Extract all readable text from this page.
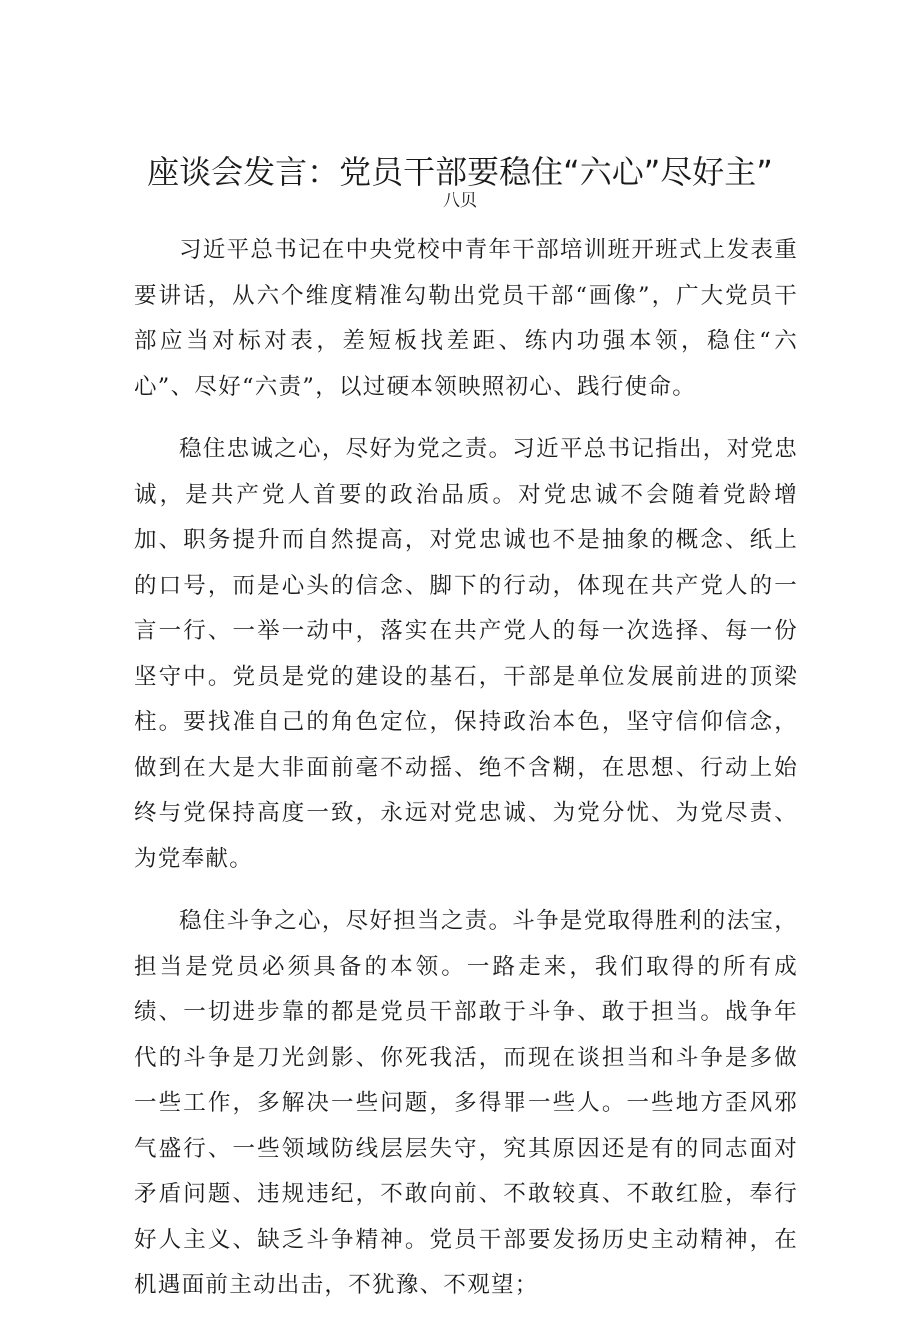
座谈会发言：党员干部要稳住“六心”尽好主”
八贝

习近平总书记在中央党校中青年干部培训班开班式上发表重要讲话，从六个维度精准勾勒出党员干部“画像”，广大党员干部应当对标对表，差短板找差距、练内功强本领，稳住“六心”、尽好“六责”，以过硬本领映照初心、践行使命。

稳住忠诚之心，尽好为党之责。习近平总书记指出，对党忠诚，是共产党人首要的政治品质。对党忠诚不会随着党龄增加、职务提升而自然提高，对党忠诚也不是抽象的概念、纸上的口号，而是心头的信念、脚下的行动，体现在共产党人的一言一行、一举一动中，落实在共产党人的每一次选择、每一份坚守中。党员是党的建设的基石，干部是单位发展前进的顶梁柱。要找准自己的角色定位，保持政治本色，坚守信仰信念，做到在大是大非面前毫不动摇、绝不含糊，在思想、行动上始终与党保持高度一致，永远对党忠诚、为党分忧、为党尽责、为党奉献。

稳住斗争之心，尽好担当之责。斗争是党取得胜利的法宝，担当是党员必须具备的本领。一路走来，我们取得的所有成绩、一切进步靠的都是党员干部敢于斗争、敢于担当。战争年代的斗争是刀光剑影、你死我活，而现在谈担当和斗争是多做一些工作，多解决一些问题，多得罪一些人。一些地方歪风邪气盛行、一些领域防线层层失守，究其原因还是有的同志面对矛盾问题、违规违纪，不敢向前、不敢较真、不敢红脸，奉行好人主义、缺乏斗争精神。党员干部要发扬历史主动精神，在机遇面前主动出击，不犹豫、不观望；
